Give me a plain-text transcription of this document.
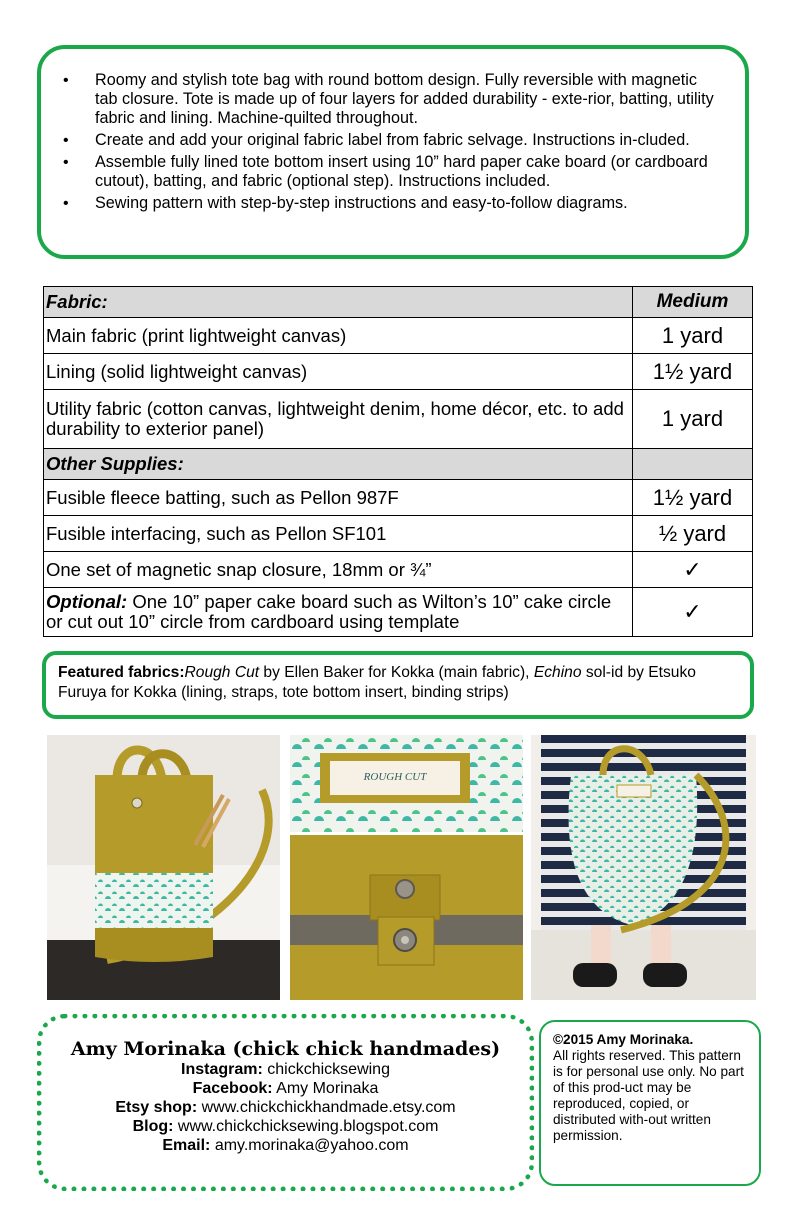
• Roomy and stylish tote bag with round bottom design. Fully reversible with magnetic tab closure. Tote is made up of four layers for added durability - exte-rior, batting, utility fabric and lining. Machine-quilted throughout.
• Create and add your original fabric label from fabric selvage. Instructions in-cluded.
• Assemble fully lined tote bottom insert using 10” hard paper cake board (or cardboard cutout), batting, and fabric (optional step). Instructions included.
• Sewing pattern with step-by-step instructions and easy-to-follow diagrams.
Fabric:	Medium
Main fabric (print lightweight canvas)	1 yard
Lining (solid lightweight canvas)	1½ yard
Utility fabric (cotton canvas, lightweight denim, home décor, etc. to add durability to exterior panel)	1 yard
Other Supplies:	
Fusible fleece batting, such as Pellon 987F	1½ yard
Fusible interfacing, such as Pellon SF101	½ yard
One set of magnetic snap closure, 18mm or ¾”	✓
Optional: One 10” paper cake board such as Wilton’s 10” cake circle or cut out 10” circle from cardboard using template	✓
Featured fabrics:Rough Cut by Ellen Baker for Kokka (main fabric), Echino sol-id by Etsuko Furuya for Kokka (lining, straps, tote bottom insert, binding strips)
ROUGH CUT
Amy Morinaka (chick chick handmades)
Instagram: chickchicksewing
Facebook: Amy Morinaka
Etsy shop: www.chickchickhandmade.etsy.com
Blog: www.chickchicksewing.blogspot.com
Email: amy.morinaka@yahoo.com
©2015 Amy Morinaka.
All rights reserved. This pattern is for personal use only. No part of this prod-uct may be reproduced, copied, or distributed with-out written permission.
